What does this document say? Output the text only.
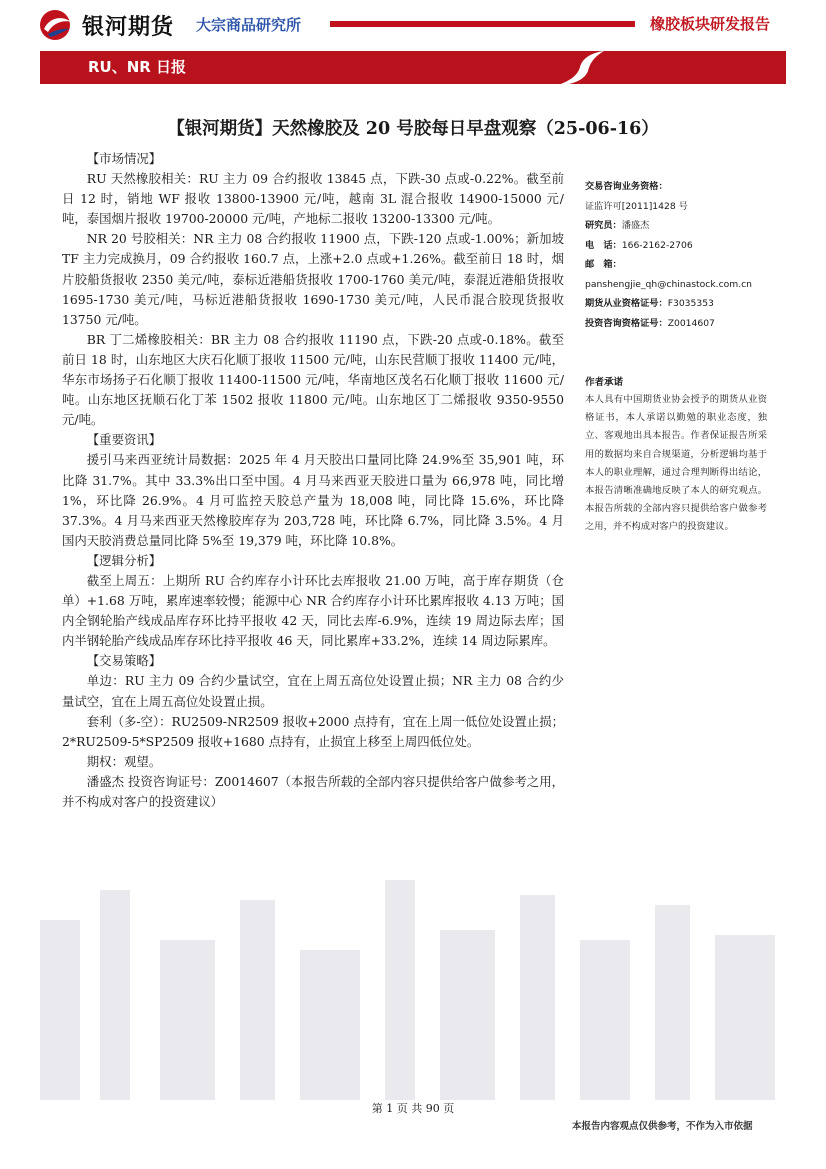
银河期货 大宗商品研究所	橡胶板块研发报告
RU、NR 日报
【银河期货】天然橡胶及 20 号胶每日早盘观察（25-06-16）
【市场情况】

RU 天然橡胶相关：RU 主力 09 合约报收 13845 点，下跌-30 点或-0.22%。截至前日 12 时，销地 WF 报收 13800-13900 元/吨，越南 3L 混合报收 14900-15000 元/吨，泰国烟片报收 19700-20000 元/吨，产地标二报收 13200-13300 元/吨。

NR 20 号胶相关：NR 主力 08 合约报收 11900 点，下跌-120 点或-1.00%；新加坡 TF 主力完成换月，09 合约报收 160.7 点，上涨+2.0 点或+1.26%。截至前日 18 时，烟片胶船货报收 2350 美元/吨，泰标近港船货报收 1700-1760 美元/吨，泰混近港船货报收 1695-1730 美元/吨，马标近港船货报收 1690-1730 美元/吨，人民币混合胶现货报收 13750 元/吨。

BR 丁二烯橡胶相关：BR 主力 08 合约报收 11190 点，下跌-20 点或-0.18%。截至前日 18 时，山东地区大庆石化顺丁报收 11500 元/吨，山东民营顺丁报收 11400 元/吨，华东市场扬子石化顺丁报收 11400-11500 元/吨，华南地区茂名石化顺丁报收 11600 元/吨。山东地区抚顺石化丁苯 1502 报收 11800 元/吨。山东地区丁二烯报收 9350-9550 元/吨。

【重要资讯】

援引马来西亚统计局数据：2025 年 4 月天胶出口量同比降 24.9%至 35,901 吨，环比降 31.7%。其中 33.3%出口至中国。4 月马来西亚天胶进口量为 66,978 吨，同比增 1%，环比降 26.9%。4 月可监控天胶总产量为 18,008 吨，同比降 15.6%，环比降 37.3%。4 月马来西亚天然橡胶库存为 203,728 吨，环比降 6.7%，同比降 3.5%。4 月国内天胶消费总量同比降 5%至 19,379 吨，环比降 10.8%。

【逻辑分析】

截至上周五：上期所 RU 合约库存小计环比去库报收 21.00 万吨，高于库存期货（仓单）+1.68 万吨，累库速率较慢；能源中心 NR 合约库存小计环比累库报收 4.13 万吨；国内全钢轮胎产线成品库存环比持平报收 42 天，同比去库-6.9%，连续 19 周边际去库；国内半钢轮胎产线成品库存环比持平报收 46 天，同比累库+33.2%，连续 14 周边际累库。

【交易策略】

单边：RU 主力 09 合约少量试空，宜在上周五高位处设置止损；NR 主力 08 合约少量试空，宜在上周五高位处设置止损。

套利（多-空）：RU2509-NR2509 报收+2000 点持有，宜在上周一低位处设置止损；2*RU2509-5*SP2509 报收+1680 点持有，止损宜上移至上周四低位处。

期权：观望。

潘盛杰 投资咨询证号：Z0014607（本报告所载的全部内容只提供给客户做参考之用，并不构成对客户的投资建议）

交易咨询业务资格：
证监许可[2011]1428 号
研究员：潘盛杰
电　话：166-2162-2706
邮　箱：
panshengjie_qh@chinastock.com.cn
期货从业资格证号：F3035353
投资咨询资格证号：Z0014607
作者承诺
本人具有中国期货业协会授予的期货从业资格证书，本人承诺以勤勉的职业态度，独立、客观地出具本报告。作者保证报告所采用的数据均来自合规渠道，分析逻辑均基于本人的职业理解，通过合理判断得出结论，本报告清晰准确地反映了本人的研究观点。本报告所载的全部内容只提供给客户做参考之用，并不构成对客户的投资建议。
第 1 页 共 90 页
本报告内容观点仅供参考，不作为入市依据
